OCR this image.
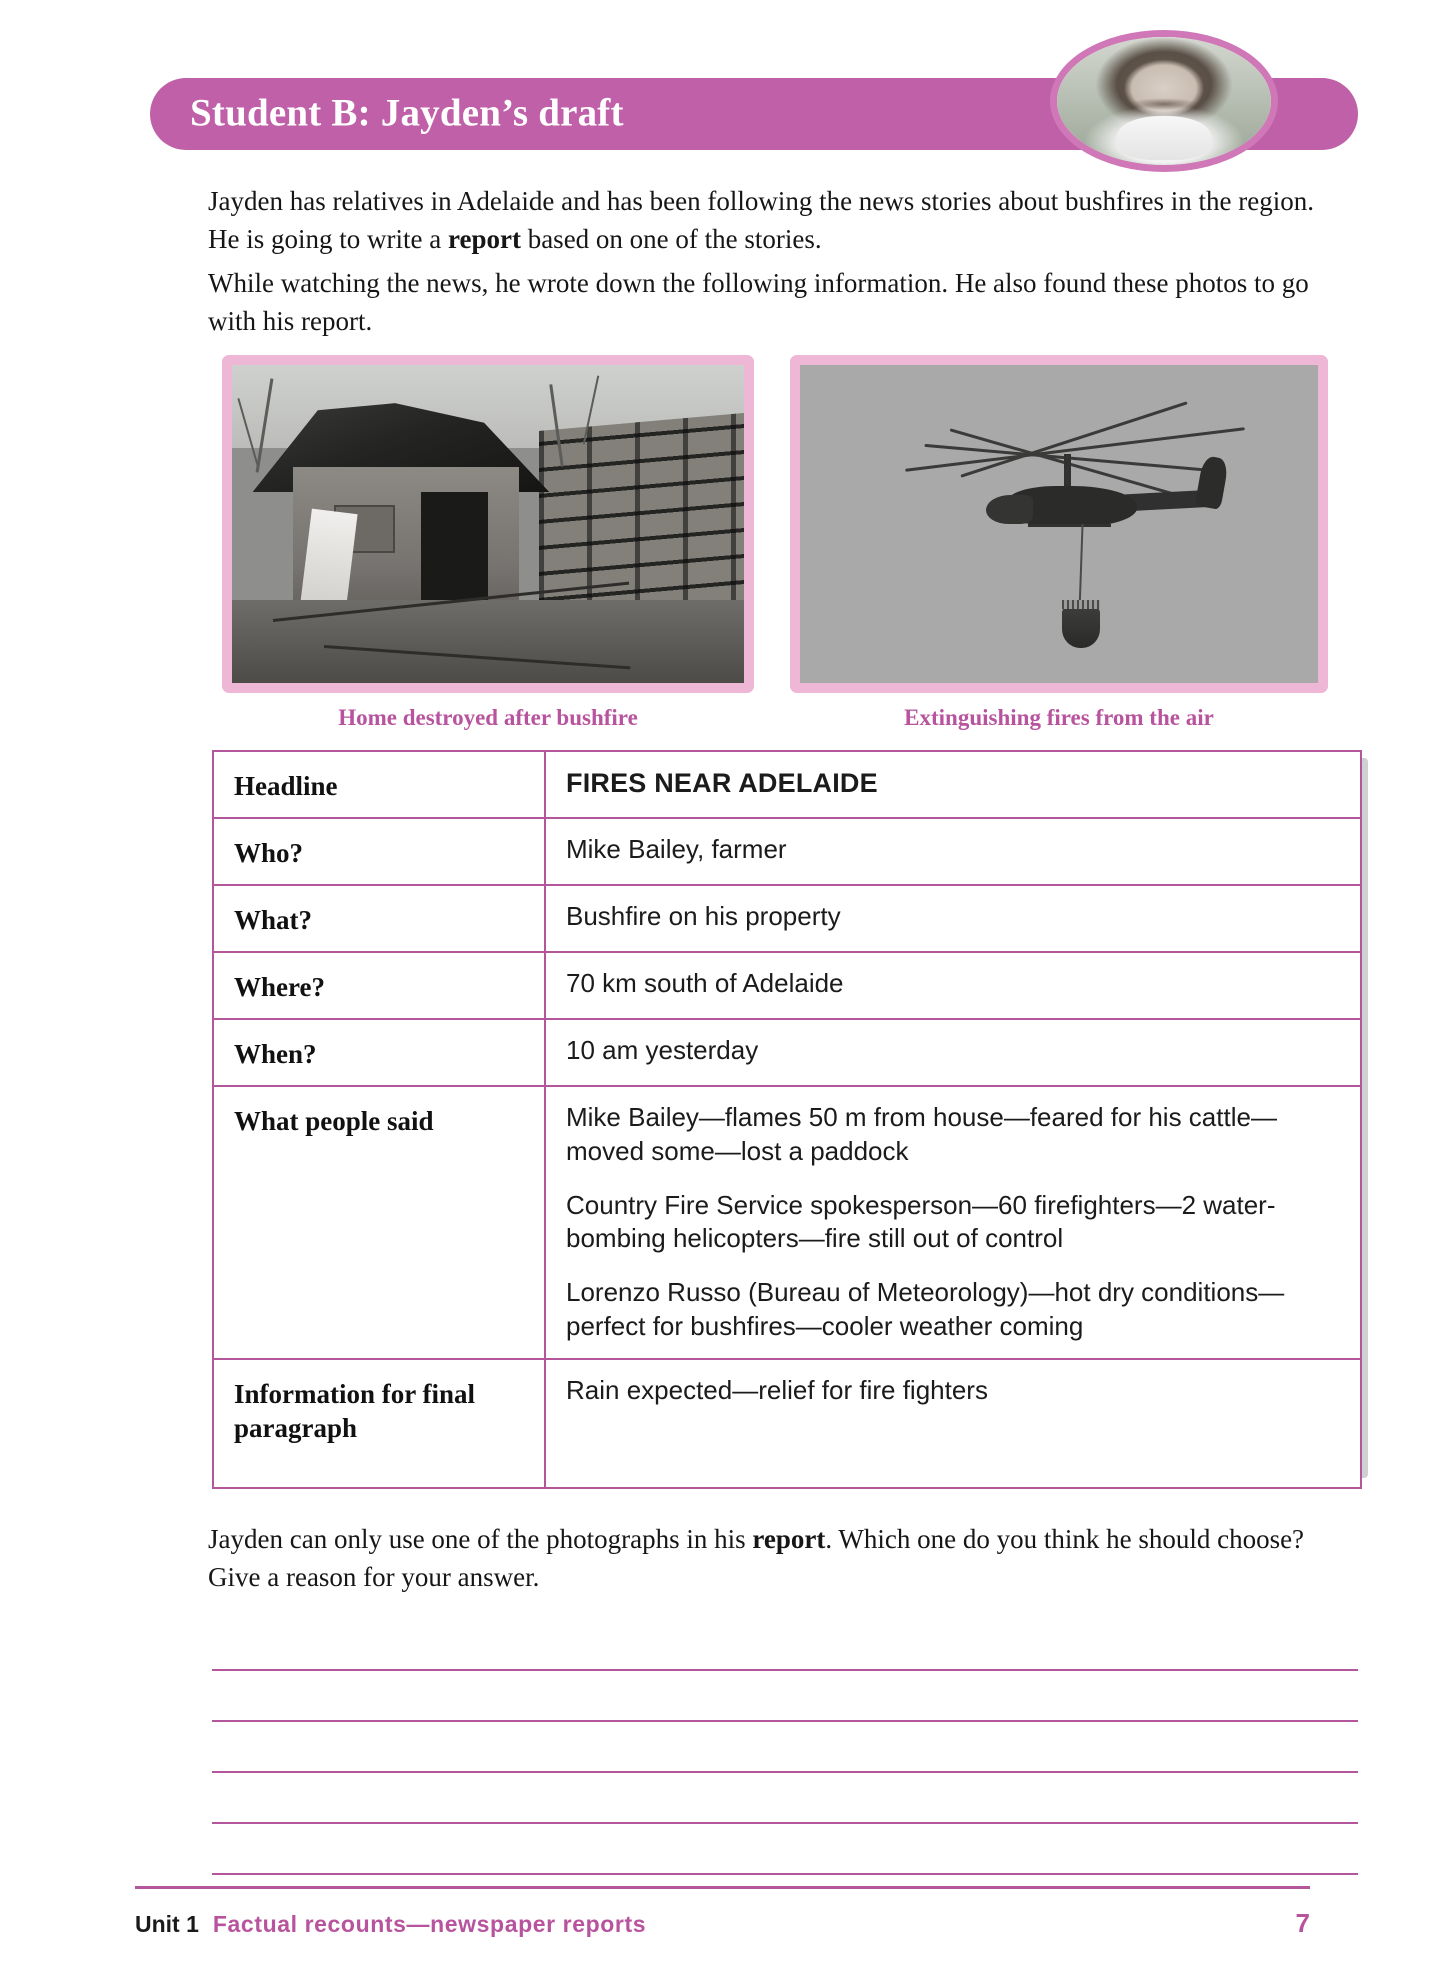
Student B: Jayden’s draft
Jayden has relatives in Adelaide and has been following the news stories about bushfires in the region. He is going to write a report based on one of the stories.
While watching the news, he wrote down the following information. He also found these photos to go with his report.
Home destroyed after bushfire	Extinguishing fires from the air
Headline	FIRES NEAR ADELAIDE
Who?	Mike Bailey, farmer
What?	Bushfire on his property
Where?	70 km south of Adelaide
When?	10 am yesterday
What people said	Mike Bailey—flames 50 m from house—feared for his cattle—moved some—lost a paddock

Country Fire Service spokesperson—60 firefighters—2 water-bombing helicopters—fire still out of control

Lorenzo Russo (Bureau of Meteorology)—hot dry conditions—perfect for bushfires—cooler weather coming

Information for final paragraph	Rain expected—relief for fire fighters
Jayden can only use one of the photographs in his report. Which one do you think he should choose? Give a reason for your answer.
Unit 1 Factual recounts—newspaper reports	7
